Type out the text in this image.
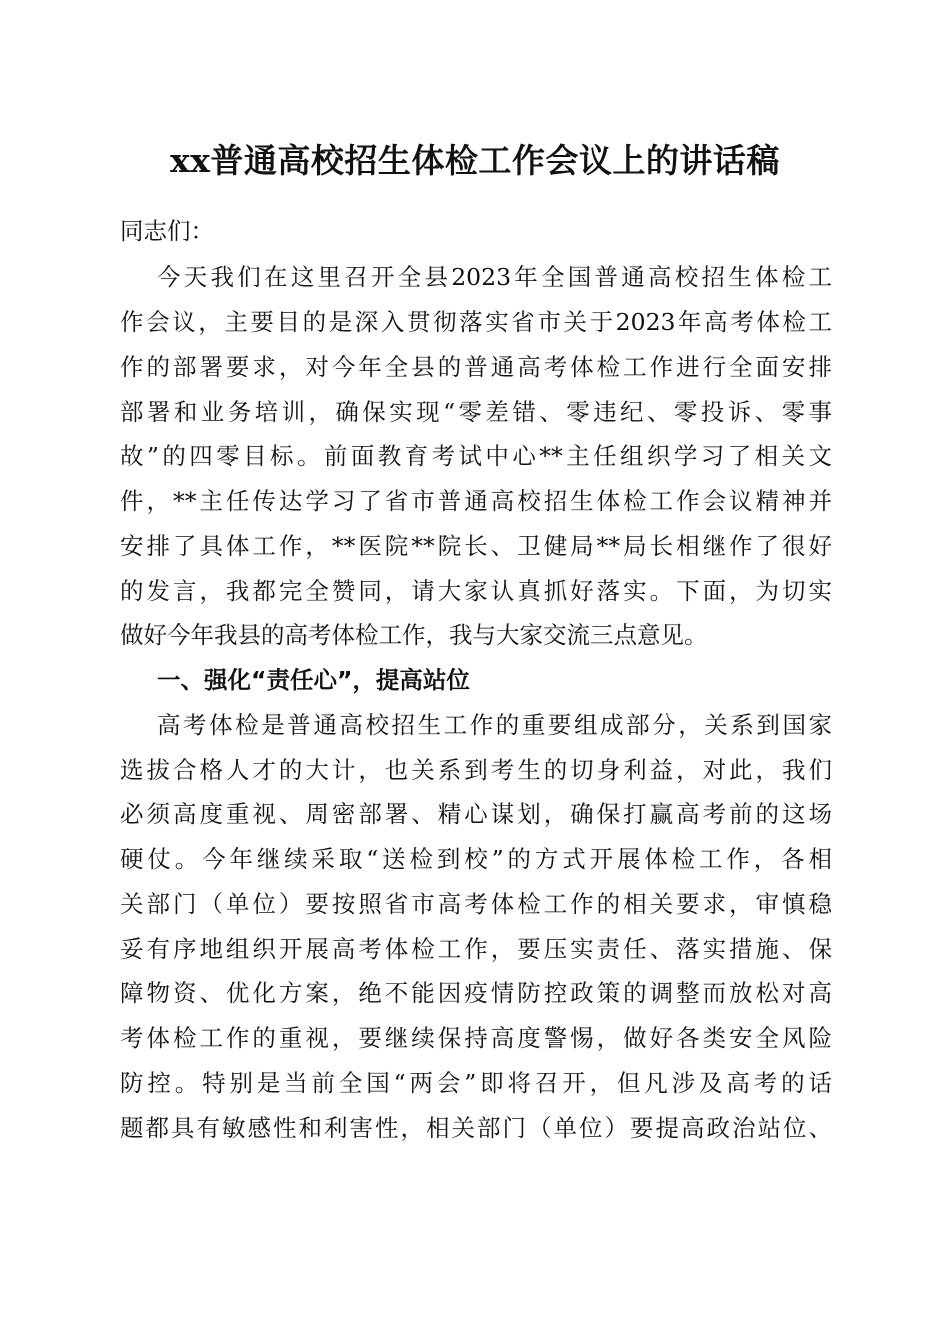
xx普通高校招生体检工作会议上的讲话稿
同志们：
今天我们在这里召开全县2023年全国普通高校招生体检工
作会议，主要目的是深入贯彻落实省市关于2023年高考体检工
作的部署要求，对今年全县的普通高考体检工作进行全面安排
部署和业务培训，确保实现“零差错、零违纪、零投诉、零事
故”的四零目标。前面教育考试中心**主任组织学习了相关文
件，**主任传达学习了省市普通高校招生体检工作会议精神并
安排了具体工作，**医院**院长、卫健局**局长相继作了很好
的发言，我都完全赞同，请大家认真抓好落实。下面，为切实
做好今年我县的高考体检工作，我与大家交流三点意见。
一、强化“责任心”，提高站位
高考体检是普通高校招生工作的重要组成部分，关系到国家
选拔合格人才的大计，也关系到考生的切身利益，对此，我们
必须高度重视、周密部署、精心谋划，确保打赢高考前的这场
硬仗。今年继续采取“送检到校”的方式开展体检工作，各相
关部门（单位）要按照省市高考体检工作的相关要求，审慎稳
妥有序地组织开展高考体检工作，要压实责任、落实措施、保
障物资、优化方案，绝不能因疫情防控政策的调整而放松对高
考体检工作的重视，要继续保持高度警惕，做好各类安全风险
防控。特别是当前全国“两会”即将召开，但凡涉及高考的话
题都具有敏感性和利害性，相关部门（单位）要提高政治站位、
